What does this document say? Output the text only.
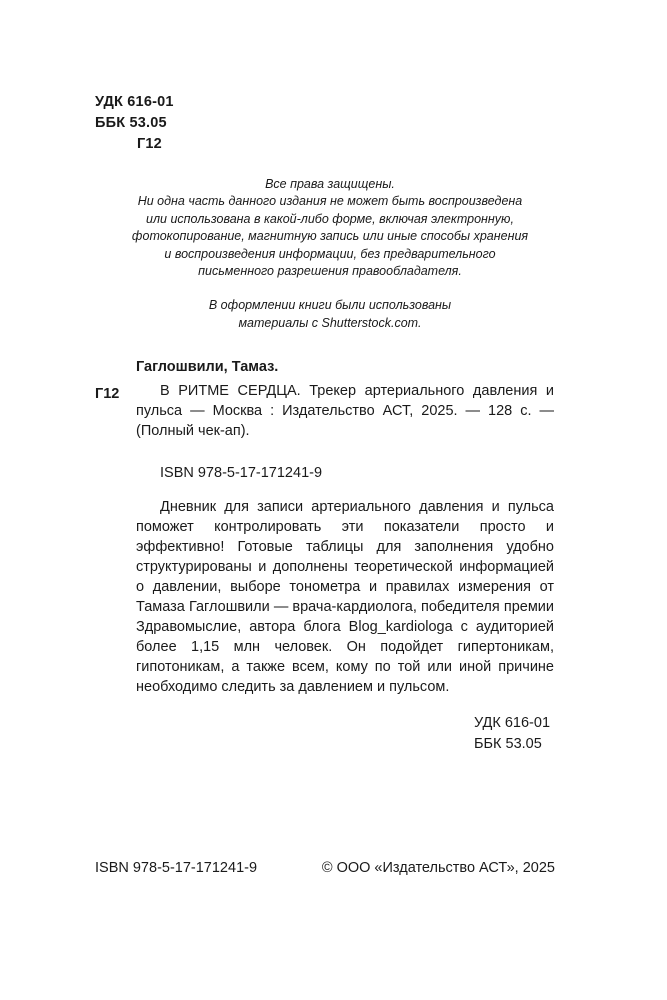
УДК 616-01
ББК 53.05
Г12
Все права защищены.
Ни одна часть данного издания не может быть воспроизведена
или использована в какой-либо форме, включая электронную,
фотокопирование, магнитную запись или иные способы хранения
и воспроизведения информации, без предварительного
письменного разрешения правообладателя.
В оформлении книги были использованы
материалы с Shutterstock.com.
Гаглошвили, Тамаз.
Г12	В РИТМЕ СЕРДЦА. Трекер артериального давления и пульса — Москва : Издательство АСТ, 2025. — 128 с. — (Полный чек-ап).
ISBN 978-5-17-171241-9
Дневник для записи артериального давления и пульса поможет контролировать эти показатели просто и эффективно! Готовые таблицы для заполнения удобно структурированы и дополнены теоретической информацией о давлении, выборе тонометра и правилах измерения от Тамаза Гаглошвили — врача-кардиолога, победителя премии Здравомыслие, автора блога Blog_kardiologa с аудиторией более 1,15 млн человек. Он подойдет гипертоникам, гипотоникам, а также всем, кому по той или иной причине необходимо следить за давлением и пульсом.
УДК 616-01
ББК 53.05
ISBN 978-5-17-171241-9	© ООО «Издательство АСТ», 2025
